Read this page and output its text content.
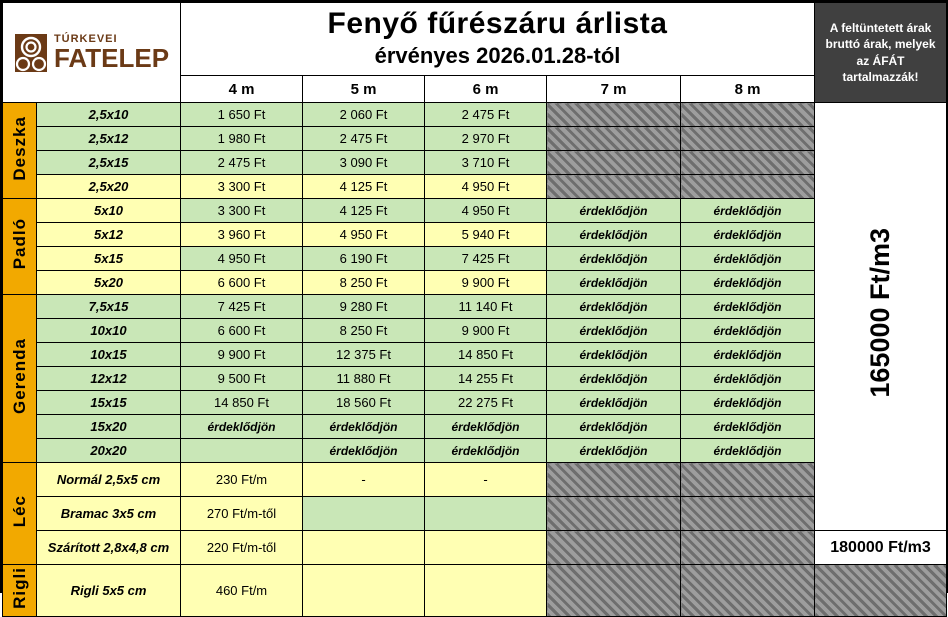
TÚRKEVEI
FATELEP

Fenyő fűrészáru árlista
érvényes 2026.01.28-tól
	A feltüntetett árak bruttó árak, melyek az ÁFÁT tartalmazzák!
		4 m	5 m	6 m	7 m	8 m	
Deszka	2,5x10	1 650 Ft	2 060 Ft	2 475 Ft			165000 Ft/m3
	2,5x12	1 980 Ft	2 475 Ft	2 970 Ft			
	2,5x15	2 475 Ft	3 090 Ft	3 710 Ft			
	2,5x20	3 300 Ft	4 125 Ft	4 950 Ft			
Padló	5x10	3 300 Ft	4 125 Ft	4 950 Ft	érdeklődjön	érdeklődjön	
	5x12	3 960 Ft	4 950 Ft	5 940 Ft	érdeklődjön	érdeklődjön	
	5x15	4 950 Ft	6 190 Ft	7 425 Ft	érdeklődjön	érdeklődjön	
	5x20	6 600 Ft	8 250 Ft	9 900 Ft	érdeklődjön	érdeklődjön	
Gerenda	7,5x15	7 425 Ft	9 280 Ft	11 140 Ft	érdeklődjön	érdeklődjön	
	10x10	6 600 Ft	8 250 Ft	9 900 Ft	érdeklődjön	érdeklődjön	
	10x15	9 900 Ft	12 375 Ft	14 850 Ft	érdeklődjön	érdeklődjön	
	12x12	9 500 Ft	11 880 Ft	14 255 Ft	érdeklődjön	érdeklődjön	
	15x15	14 850 Ft	18 560 Ft	22 275 Ft	érdeklődjön	érdeklődjön	
	15x20	érdeklődjön	érdeklődjön	érdeklődjön	érdeklődjön	érdeklődjön	
	20x20		érdeklődjön	érdeklődjön	érdeklődjön	érdeklődjön	
Léc	Normál 2,5x5 cm	230 Ft/m	-	-			
	Bramac 3x5 cm	270 Ft/m-től					
	Szárított 2,8x4,8 cm	220 Ft/m-től					180000 Ft/m3
Rigli	Rigli 5x5 cm	460 Ft/m					
